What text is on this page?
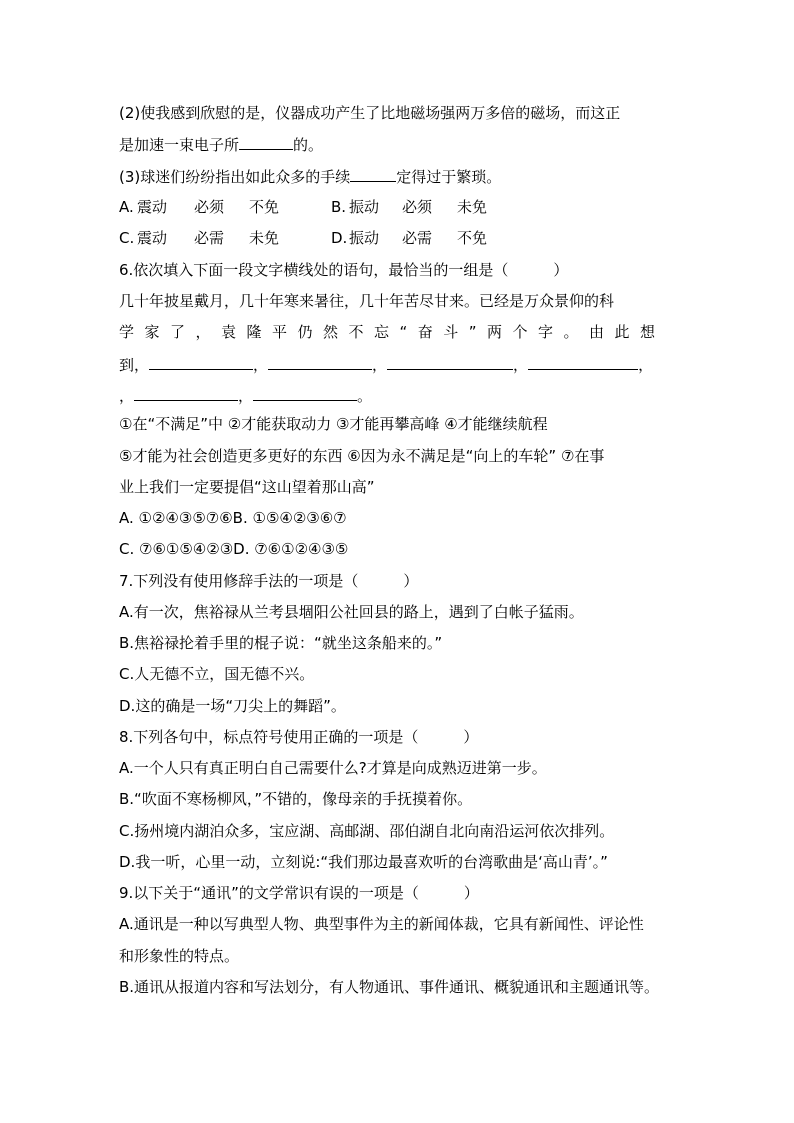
(2)使我感到欣慰的是，仪器成功产生了比地磁场强两万多倍的磁场，而这正
是加速一束电子所	的。
(3)球迷们纷纷指出如此众多的手续	定得过于繁琐。
A. 震动 必须 不免	B. 振动 必须 未免
C. 震动 必需 未免	D. 振动 必需 不免
6.依次填入下面一段文字横线处的语句，最恰当的一组是（　　　）
几十年披星戴月，几十年寒来暑往，几十年苦尽甘来。已经是万众景仰的科
学家了，袁隆平仍然不忘“奋斗”两个字。由此想
到，	，	，	，	，
，	，	。
①在“不满足”中 ②才能获取动力 ③才能再攀高峰 ④才能继续航程
⑤才能为社会创造更多更好的东西 ⑥因为永不满足是“向上的车轮” ⑦在事
业上我们一定要提倡“这山望着那山高”
A. ①②④③⑤⑦⑥B. ①⑤④②③⑥⑦
C. ⑦⑥①⑤④②③D. ⑦⑥①②④③⑤
7.下列没有使用修辞手法的一项是（　　　）
A.有一次，焦裕禄从兰考县堌阳公社回县的路上，遇到了白帐子猛雨。
B.焦裕禄抡着手里的棍子说：“就坐这条船来的。”
C.人无德不立，国无德不兴。
D.这的确是一场“刀尖上的舞蹈”。
8.下列各句中，标点符号使用正确的一项是（　　　）
A.一个人只有真正明白自己需要什么?才算是向成熟迈进第一步。
B.“吹面不寒杨柳风，”不错的，像母亲的手抚摸着你。
C.扬州境内湖泊众多，宝应湖、高邮湖、邵伯湖自北向南沿运河依次排列。
D.我一听，心里一动，立刻说:“我们那边最喜欢听的台湾歌曲是‘高山青’。”
9.以下关于“通讯”的文学常识有误的一项是（　　　）
A.通讯是一种以写典型人物、典型事件为主的新闻体裁，它具有新闻性、评论性
和形象性的特点。
B.通讯从报道内容和写法划分，有人物通讯、事件通讯、概貌通讯和主题通讯等。
